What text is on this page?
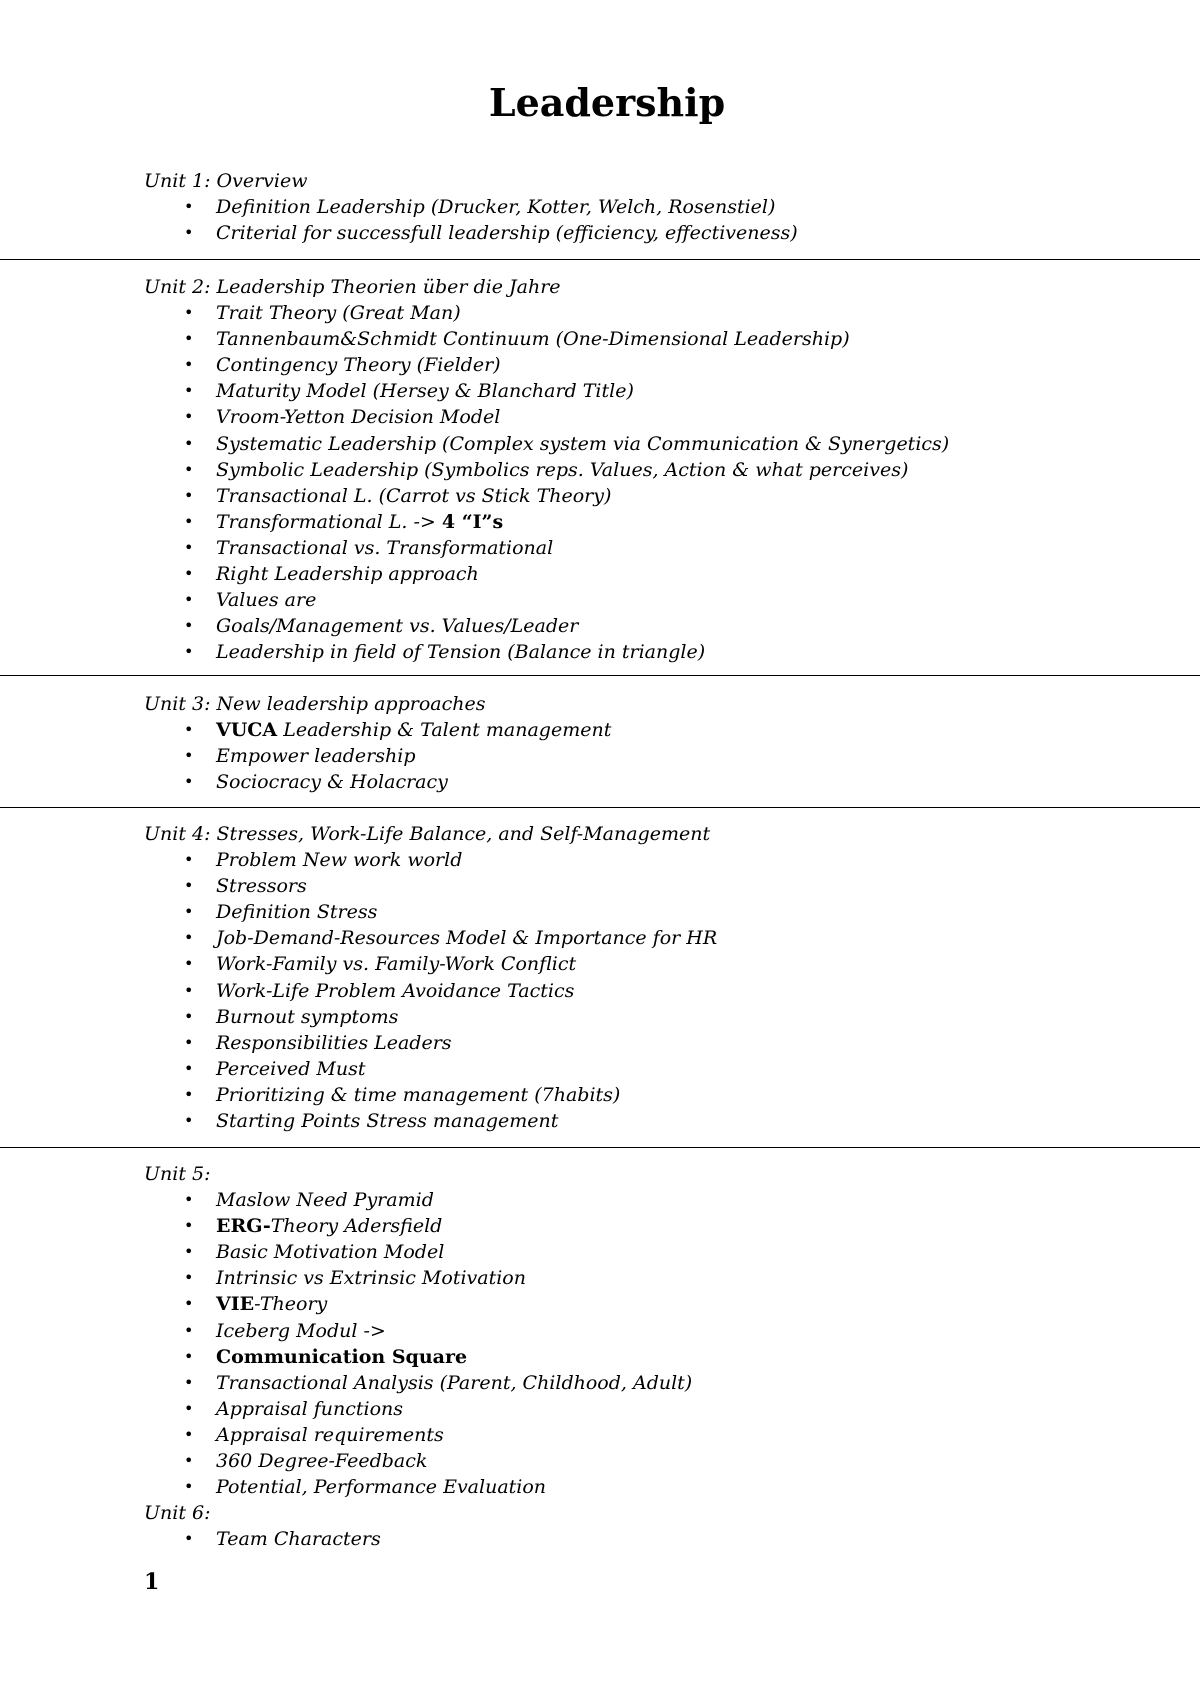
Leadership
Unit 1: Overview
• Definition Leadership (Drucker, Kotter, Welch, Rosenstiel)
• Criterial for successfull leadership (efficiency, effectiveness)
Unit 2: Leadership Theorien über die Jahre
• Trait Theory (Great Man)
• Tannenbaum&Schmidt Continuum (One-Dimensional Leadership)
• Contingency Theory (Fielder)
• Maturity Model (Hersey & Blanchard Title)
• Vroom-Yetton Decision Model
• Systematic Leadership (Complex system via Communication & Synergetics)
• Symbolic Leadership (Symbolics reps. Values, Action & what perceives)
• Transactional L. (Carrot vs Stick Theory)
• Transformational L. -> 4 “I”s
• Transactional vs. Transformational
• Right Leadership approach
• Values are
• Goals/Management vs. Values/Leader
• Leadership in field of Tension (Balance in triangle)
Unit 3: New leadership approaches
• VUCA Leadership & Talent management
• Empower leadership
• Sociocracy & Holacracy
Unit 4: Stresses, Work-Life Balance, and Self-Management
• Problem New work world
• Stressors
• Definition Stress
• Job-Demand-Resources Model & Importance for HR
• Work-Family vs. Family-Work Conflict
• Work-Life Problem Avoidance Tactics
• Burnout symptoms
• Responsibilities Leaders
• Perceived Must
• Prioritizing & time management (7habits)
• Starting Points Stress management
Unit 5:
• Maslow Need Pyramid
• ERG-Theory Adersfield
• Basic Motivation Model
• Intrinsic vs Extrinsic Motivation
• VIE-Theory
• Iceberg Modul ->
• Communication Square
• Transactional Analysis (Parent, Childhood, Adult)
• Appraisal functions
• Appraisal requirements
• 360 Degree-Feedback
• Potential, Performance Evaluation
Unit 6:
• Team Characters
1
